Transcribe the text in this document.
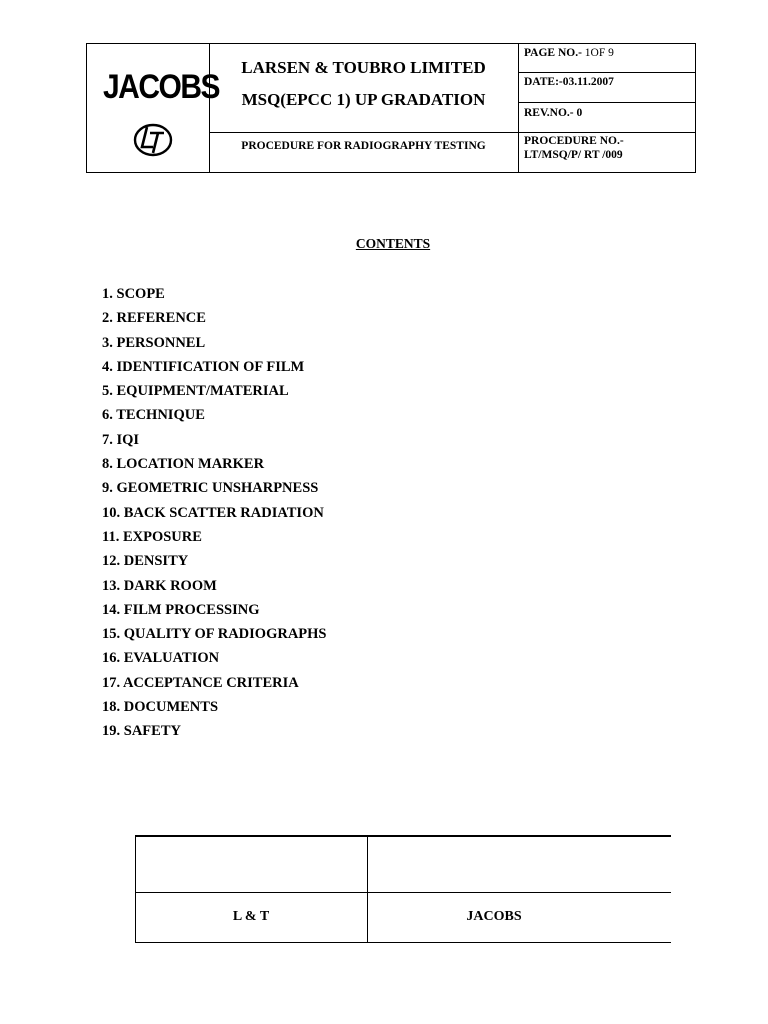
JACOBS
LARSEN & TOUBRO LIMITED
MSQ(EPCC 1) UP GRADATION
PROCEDURE FOR RADIOGRAPHY TESTING
PAGE NO.- 1OF 9
DATE:-03.11.2007
REV.NO.- 0
PROCEDURE NO.-
LT/MSQ/P/ RT /009
CONTENTS
1. SCOPE
2. REFERENCE
3. PERSONNEL
4. IDENTIFICATION OF FILM
5. EQUIPMENT/MATERIAL
6. TECHNIQUE
7. IQI
8. LOCATION MARKER
9. GEOMETRIC UNSHARPNESS
10. BACK SCATTER RADIATION
11. EXPOSURE
12. DENSITY
13. DARK ROOM
14. FILM PROCESSING
15. QUALITY OF RADIOGRAPHS
16. EVALUATION
17. ACCEPTANCE CRITERIA
18. DOCUMENTS
19. SAFETY
L & T	JACOBS
